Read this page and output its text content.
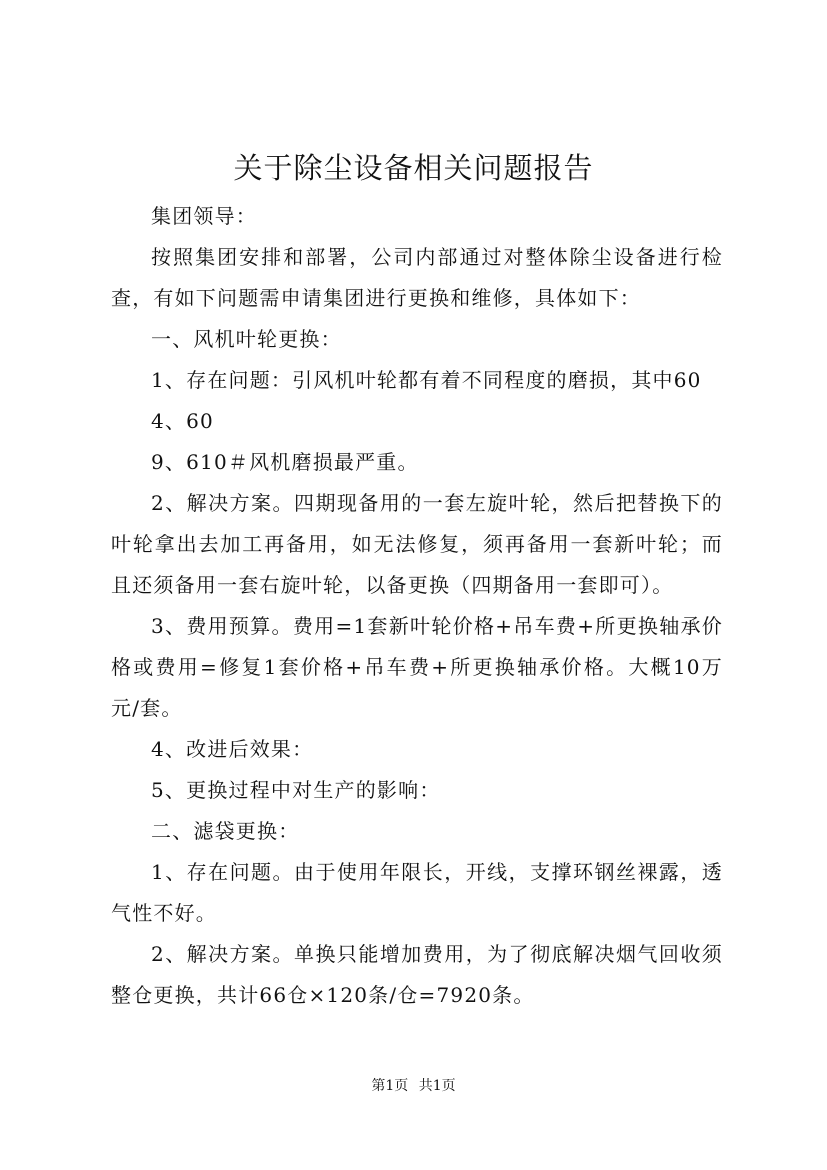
关于除尘设备相关问题报告

集团领导：

按照集团安排和部署，公司内部通过对整体除尘设备进行检查，有如下问题需申请集团进行更换和维修，具体如下：

一、风机叶轮更换：

1、存在问题：引风机叶轮都有着不同程度的磨损，其中60

4、60

9、610＃风机磨损最严重。

2、解决方案。四期现备用的一套左旋叶轮，然后把替换下的叶轮拿出去加工再备用，如无法修复，须再备用一套新叶轮；而且还须备用一套右旋叶轮，以备更换（四期备用一套即可）。

3、费用预算。费用=1套新叶轮价格+吊车费+所更换轴承价格或费用=修复1套价格+吊车费+所更换轴承价格。大概10万元/套。

4、改进后效果：

5、更换过程中对生产的影响：

二、滤袋更换：

1、存在问题。由于使用年限长，开线，支撑环钢丝裸露，透气性不好。

2、解决方案。单换只能增加费用，为了彻底解决烟气回收须整仓更换，共计66仓×120条/仓=7920条。

第1页 共1页
